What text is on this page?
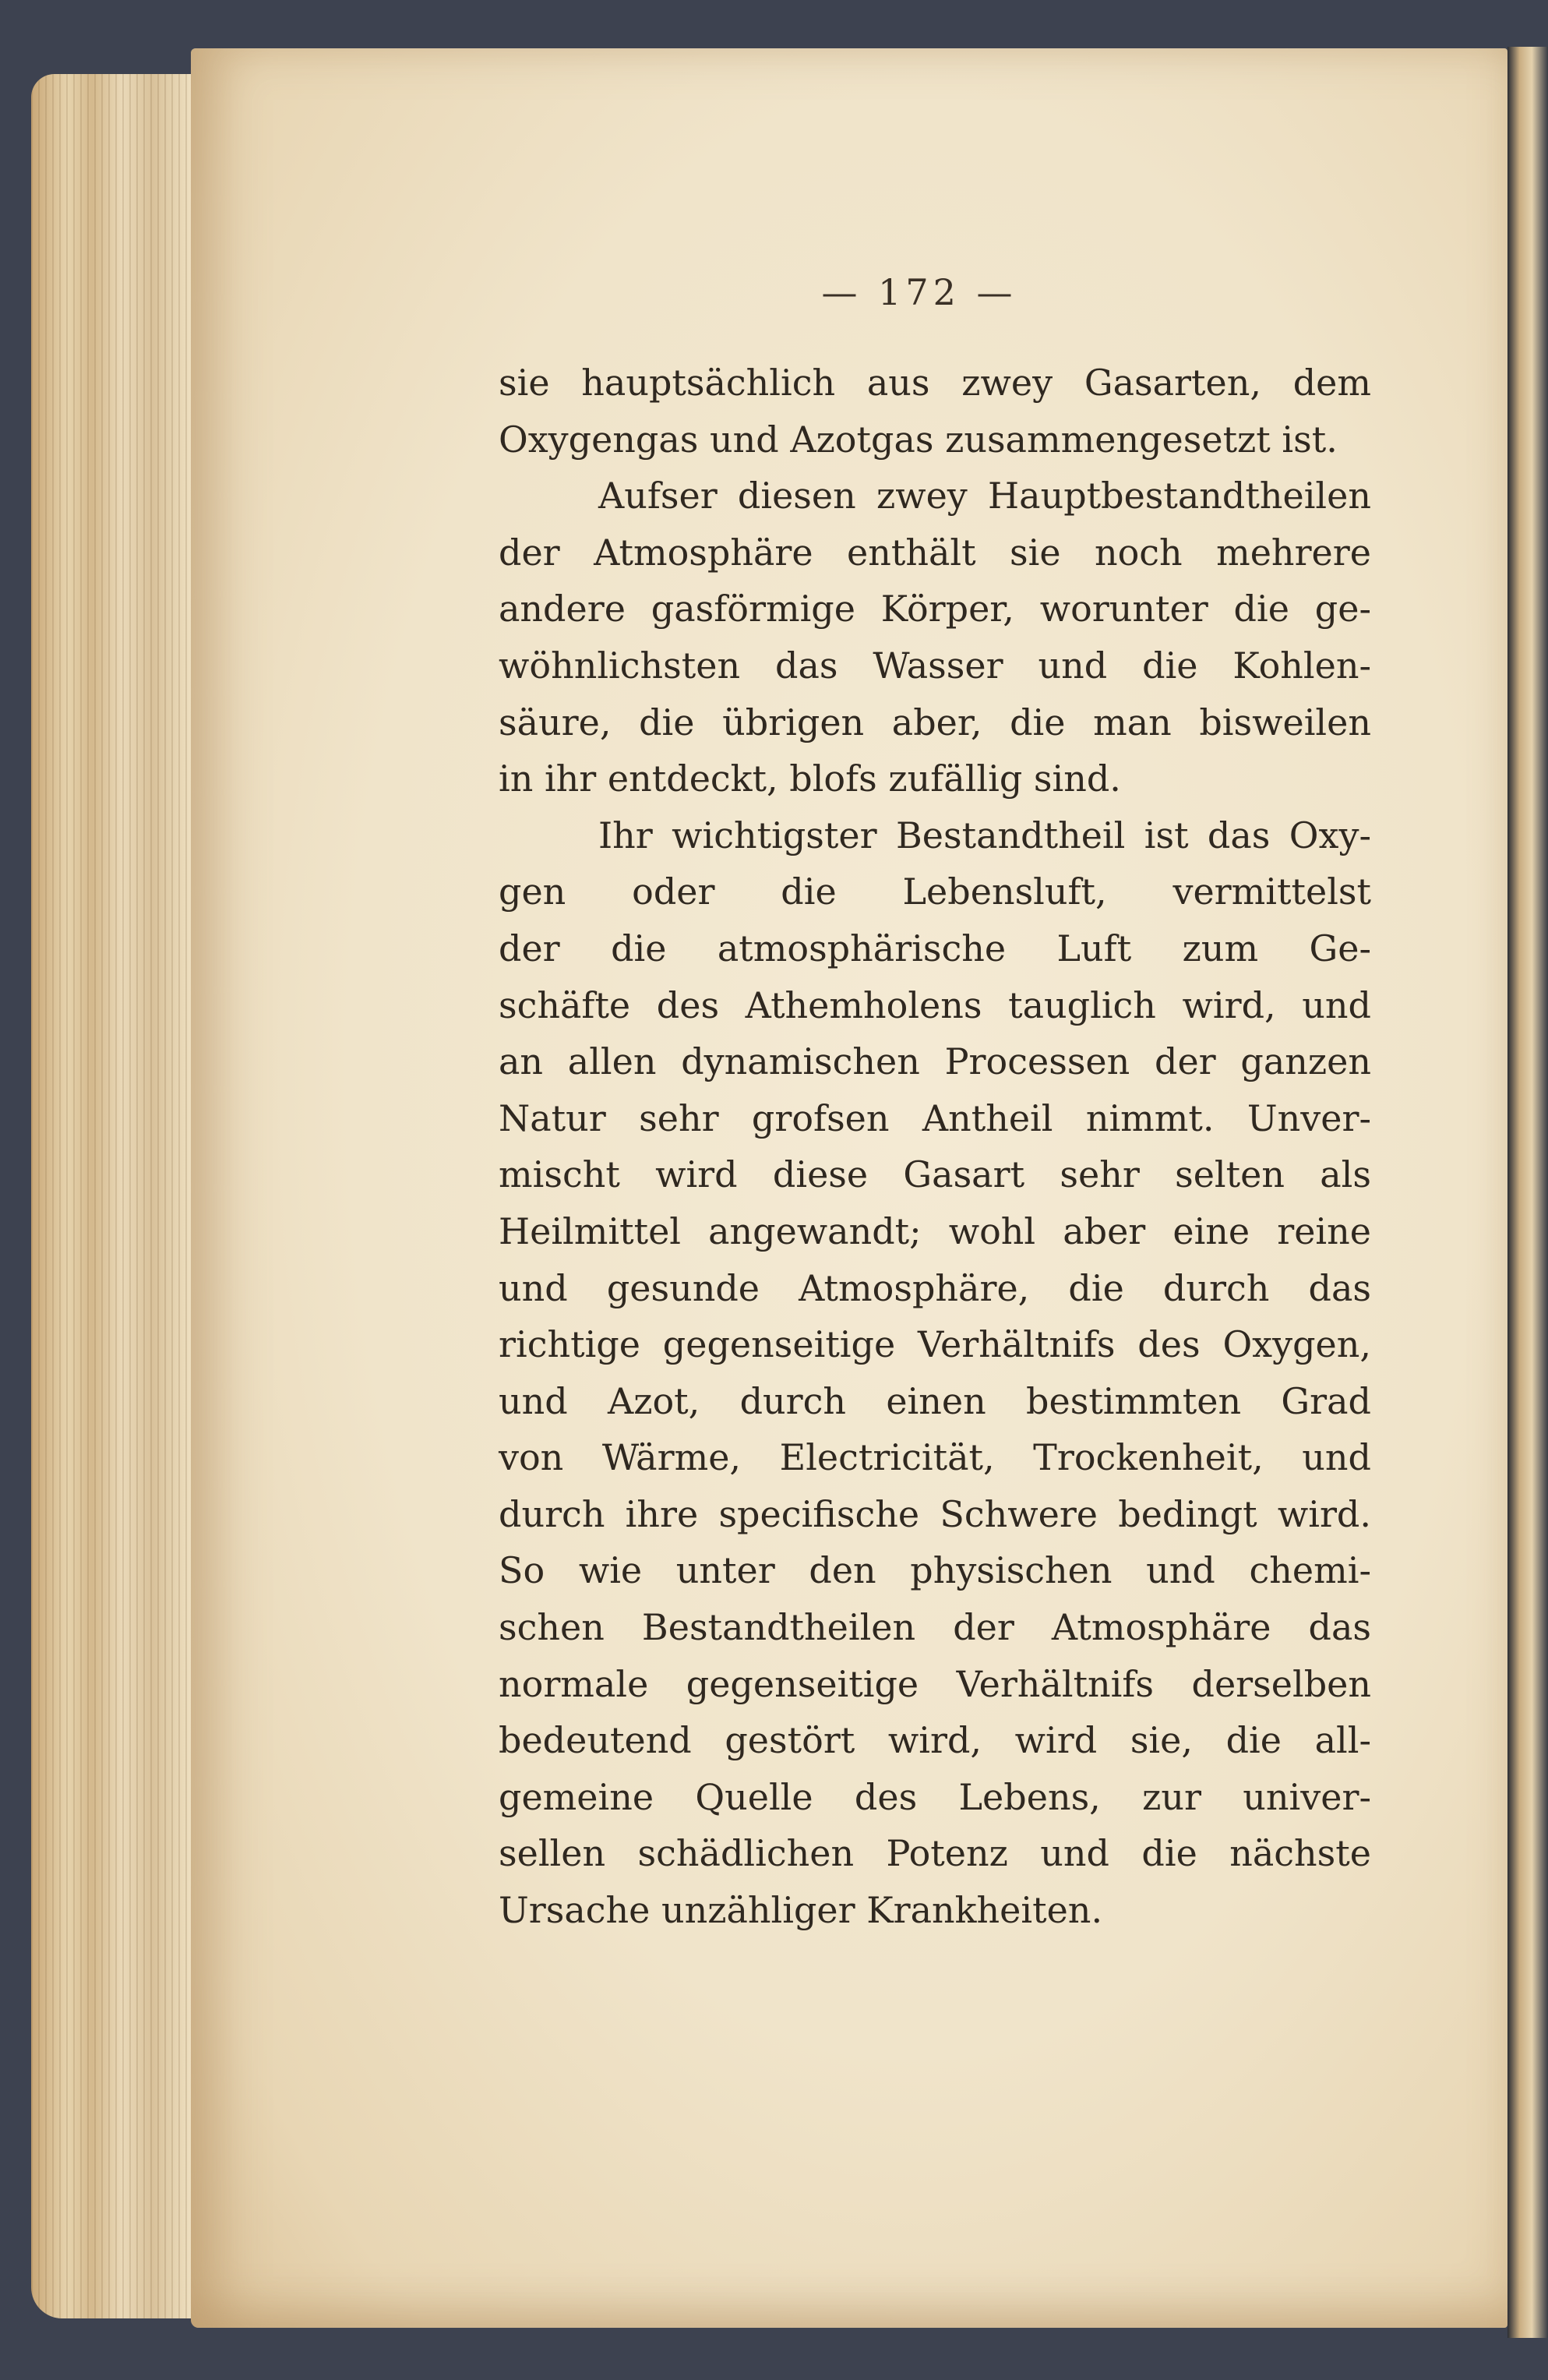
— 172 —
sie hauptsächlich aus zwey Gasarten, dem
Oxygengas und Azotgas zusammengesetzt ist.
Aufser diesen zwey Hauptbestandtheilen
der Atmosphäre enthält sie noch mehrere
andere gasförmige Körper, worunter die ge-
wöhnlichsten das Wasser und die Kohlen-
säure, die übrigen aber, die man bisweilen
in ihr entdeckt, blofs zufällig sind.
Ihr wichtigster Bestandtheil ist das Oxy-
gen oder die Lebensluft, vermittelst
der die atmosphärische Luft zum Ge-
schäfte des Athemholens tauglich wird, und
an allen dynamischen Processen der ganzen
Natur sehr grofsen Antheil nimmt. Unver-
mischt wird diese Gasart sehr selten als
Heilmittel angewandt; wohl aber eine reine
und gesunde Atmosphäre, die durch das
richtige gegenseitige Verhältnifs des Oxygen,
und Azot, durch einen bestimmten Grad
von Wärme, Electricität, Trockenheit, und
durch ihre specifische Schwere bedingt wird.
So wie unter den physischen und chemi-
schen Bestandtheilen der Atmosphäre das
normale gegenseitige Verhältnifs derselben
bedeutend gestört wird, wird sie, die all-
gemeine Quelle des Lebens, zur univer-
sellen schädlichen Potenz und die nächste
Ursache unzähliger Krankheiten.
